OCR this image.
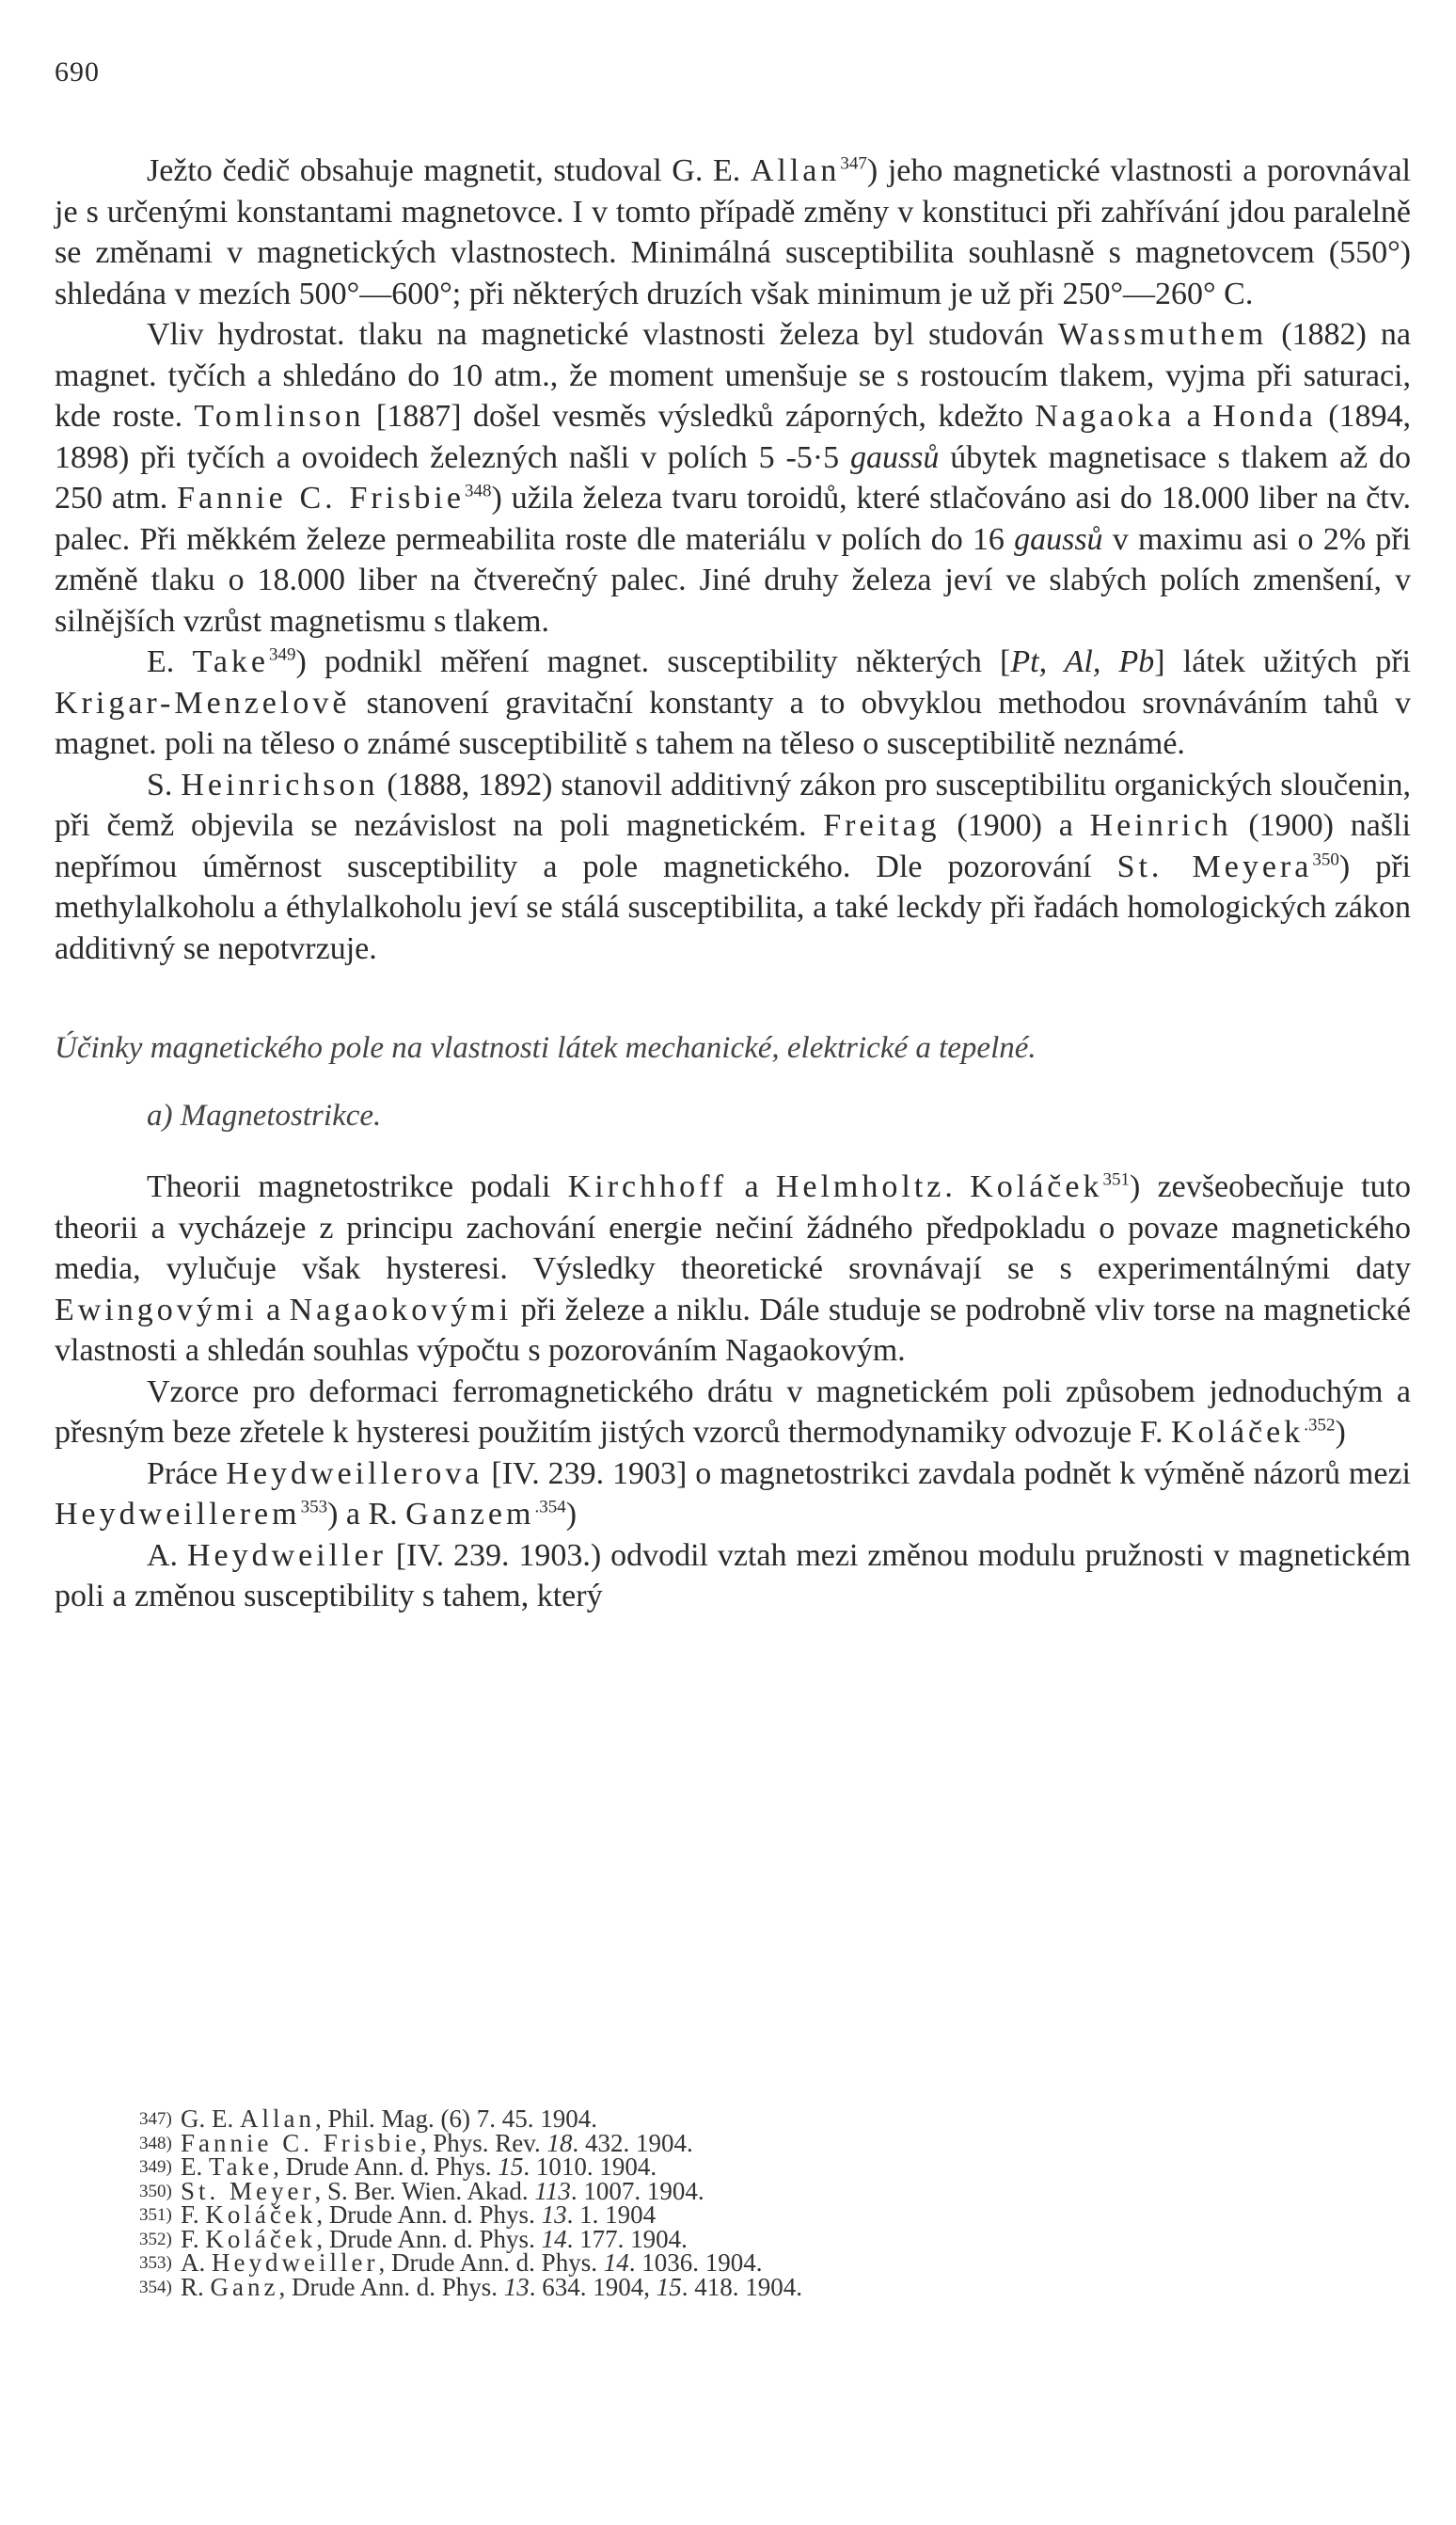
690

Ježto čedič obsahuje magnetit, studoval G. E. Allan$^{347}$) jeho magnetické vlastnosti a porovnával je s určenými konstantami magnetovce. I v tomto případě změny v konstituci při zahřívání jdou paralelně se změnami v magnetických vlastnostech. Minimálná susceptibilita souhlasně s magnetovcem (550°) shledána v mezích 500°—600°; při některých druzích však minimum je už při 250°—260° C.

Vliv hydrostat. tlaku na magnetické vlastnosti železa byl studován Wassmuthem (1882) na magnet. tyčích a shledáno do 10 atm., že moment umenšuje se s rostoucím tlakem, vyjma při saturaci, kde roste. Tomlinson [1887] došel vesměs výsledků záporných, kdežto Nagaoka a Honda (1894, 1898) při tyčích a ovoidech železných našli v polích 5 -5·5 gaussů úbytek magnetisace s tlakem až do 250 atm. Fannie C. Frisbie$^{348}$) užila železa tvaru toroidů, které stlačováno asi do 18.000 liber na čtv. palec. Při měkkém železe permeabilita roste dle materiálu v polích do 16 gaussů v maximu asi o 2% při změně tlaku o 18.000 liber na čtverečný palec. Jiné druhy železa jeví ve slabých polích zmenšení, v silnějších vzrůst magnetismu s tlakem.

E. Take$^{349}$) podnikl měření magnet. susceptibility některých [Pt, Al, Pb] látek užitých při Krigar-Menzelově stanovení gravitační konstanty a to obvyklou methodou srovnáváním tahů v magnet. poli na těleso o známé susceptibilitě s tahem na těleso o susceptibilitě neznámé.

S. Heinrichson (1888, 1892) stanovil additivný zákon pro susceptibilitu organických sloučenin, při čemž objevila se nezávislost na poli magnetickém. Freitag (1900) a Heinrich (1900) našli nepřímou úměrnost susceptibility a pole magnetického. Dle pozorování St. Meyera$^{350}$) při methylalkoholu a éthylalkoholu jeví se stálá susceptibilita, a také leckdy při řadách homologických zákon additivný se nepotvrzuje.

Účinky magnetického pole na vlastnosti látek mechanické, elektrické a tepelné.

a) Magnetostrikce.

Theorii magnetostrikce podali Kirchhoff a Helmholtz. Koláček$^{351}$) zevšeobecňuje tuto theorii a vycházeje z principu zachování energie nečiní žádného předpokladu o povaze magnetického media, vylučuje však hysteresi. Výsledky theoretické srovnávají se s experimentálnými daty Ewingovými a Nagaokovými při železe a niklu. Dále studuje se podrobně vliv torse na magnetické vlastnosti a shledán souhlas výpočtu s pozorováním Nagaokovým.

Vzorce pro deformaci ferromagnetického drátu v magnetickém poli způsobem jednoduchým a přesným beze zřetele k hysteresi použitím jistých vzorců thermodynamiky odvozuje F. Koláček$^{.352}$)

Práce Heydweillerova [IV. 239. 1903] o magnetostrikci zavdala podnět k výměně názorů mezi Heydweillerem$^{353}$) a R. Ganzem$^{.354}$)

A. Heydweiller [IV. 239. 1903.) odvodil vztah mezi změnou modulu pružnosti v magnetickém poli a změnou susceptibility s tahem, který

347) G. E. Allan, Phil. Mag. (6) 7. 45. 1904.

348) Fannie C. Frisbie, Phys. Rev. 18. 432. 1904.

349) E. Take, Drude Ann. d. Phys. 15. 1010. 1904.

350) St. Meyer, S. Ber. Wien. Akad. 113. 1007. 1904.

351) F. Koláček, Drude Ann. d. Phys. 13. 1. 1904

352) F. Koláček, Drude Ann. d. Phys. 14. 177. 1904.

353) A. Heydweiller, Drude Ann. d. Phys. 14. 1036. 1904.

354) R. Ganz, Drude Ann. d. Phys. 13. 634. 1904, 15. 418. 1904.
